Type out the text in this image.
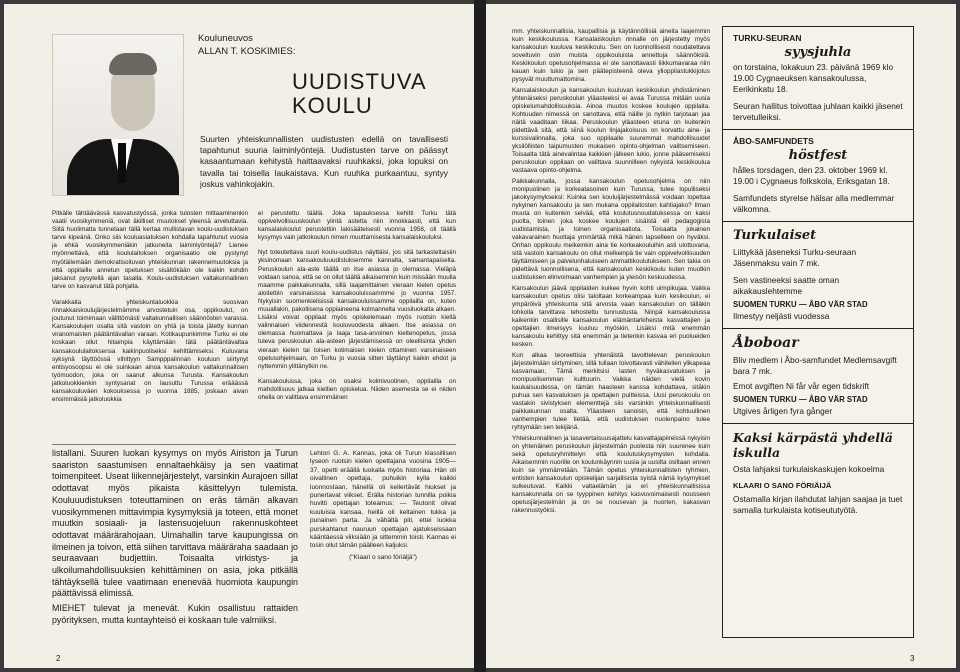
Kouluneuvos
ALLAN T. KOSKIMIES:
UUDISTUVA
KOULU
Suurten yhteiskunnallisten uudistusten edellä on tavallisesti tapahtunut suuria laiminlyöntejä. Uudistusten tarve on päässyt kasaantumaan kehitystä haittaavaksi ruuhkaksi, joka lopuksi on tavalla tai toisella laukaistava. Kun ruuhka purkaantuu, syntyy joskus vahinkojakin.
Pitkälle tähtäävässä kasvatustyössä, jonka tulosten mittaaminenkin vaatii vuosikymmeniä, ovat äkilliset muutokset yleensä arveluttavia. Siitä huolimatta tunnetaan tällä kertaa mullistavan koulu-uudistuksen tarve kipeänä. Onko siis kouluasiatuksen kohdalla tapahtunut vuosia ja ehkä vuosikymmeniäkin jatkuneita laiminlyöntejä? Lienee myönnettävä, että koululaitoksen organisaatio ole pystynyt myötäilemään demokratisoituvan yhteiskunnan rakennemuutoksia ja että oppilaille annetun opetuksen sisältökään ole kaikin kohdin jaksanut pysytellä ajan tasalla. Koulu-uudistuksen valtakunnallinen tarve on kasvanut tätä pohjalta.
Varakkaita yhteiskuntaluokkia suosivan rinnakkaiskoulujärjestelmämme arvostetuin osa, oppikoulut, on joutunut toimimaan välittömästi valtakunnallisen säännösten varassa. Kansakoulujen osalta sitä vastoin on yhtä ja toista jätetty kunnan viranomaisten päätäntävallan varaan. Kotikaupunkimme Turku ei ole koskaan ollut hitaimpia käyttämään tätä päätäntävaltaa kansakoululaitoksensa kaikinpuoliseksi kehittämiseksi. Kuluvana syksynä täyttöössä vihittyyn Sampppalinnan kouluun siirtynyt entisyosoopsu ei ole suinkaan ainoa kansakoulun valtakunnallisen työmuodon, joka on saanut alkunsa Turusta. Kansakoulun jatkoluokkienkin syntysanat on lausuttu Turussa erääässä kansakouluväen kokouksessa jo vuonna 1885, joskaan aivan ensimmäisiä jatkoluokkia
ei perustettu täällä. Joka tapauksessa kehitti Turku tätä oppivelvollisuuskoulun ylintä astetta niin innokkaasti, että kun kansalaiskoulut perustettiin lakisääteisesti vuonna 1958, oli täällä kysymys vain jatkokoulun nimen muuttamisesta kansalaiskouluksi.
Nyt toteutettava suuri koulu-uudistus näyttäisi, jos sitä tarkasteltaisiin yksinomaan kansakouluuudistuksemme kannalta, samantapaiselta. Peruskoulun ala-aste täällä on itse asiassa jo olemassa. Vieläpä voidaan sanoa, että se on ollut täällä aikaisemmin kuin missään muulla maamme paikkakunnalla, sillä laajamittainen vieraan kielen opetus aloitettiin varsinaisissa kansakouluissammme jo vuonna 1957. Nykyisin suomenkielisissä kansakouluissamme oppilailla on, kuten muuallakin, pakollisena oppiaineena kolmannelta vuosiluokalta alkaen. Lisäksi voivat oppilaat myös opiskelemaan myös ruotsin kieltä valinnaisen viidennestä kouluvuodesta alkaen. Itse asiassa on olemassa huomattava ja laaja tasa-arvoinen kieltenopetus, jossa tuleva peruskoulun ala-asteen järjestämisessä on oleellisinta yhden vieraan kielen tai toisen kotimaisen kielen ottaminen varsinaiseen opetusohjelmaan, on Turku jo vuosia sitten täyttänyt kaikin ehdot ja nyttemmin ylittänytkin ne.
Kansakoulussa, joka on osaksi kolmivuotinen, oppilailla on mahdollisuus jatkaa kieltien opiskelua. Niiden asemesta se ei niiden ohella on valittava ensimmäinen
listallani. Suuren luokan kysymys on myös Airiston ja Turun saariston saastumisen ennaltaehkäisy ja sen vaatimat toimenpiteet. Useat liikennejärjestelyt, varsinkin Aurajoen sillat odottavat myös pikaista käsittelyyn tulemista. Kouluuudistuksen toteuttaminen on eräs tämän alkavan vuosikymmenen mittavimpia kysymyksiä ja toteen, että monet muutkin sosiaali- ja lastensuojeluun rakennuskohteet odottavat määrärahojaan. Uimahallin tarve kaupungissa on ilmeinen ja toivon, että siihen tarvittava määräraha saadaan jo seuraavaan budjettiin. Toisaalta virkistys- ja ulkoilumahdollisuuksien kehittäminen on asia, joka pitkällä tähtäyksellä tulee vaatimaan enenevää huomiota kaupungin päättävissä elimissä.
MIEHET tulevat ja menevät. Kukin osallistuu rattaiden pyörityksen, mutta kuntayhteisö ei koskaan tule valmiiksi.
Lehtori G. A. Kannas, joka oli Turun klassillisen lyseon ruotsin kielen opettajana vuosina 1905—37, opetti eräällä luokalla myös historiaa. Hän oli oivallinen opettaja, puhuikin kylla kaikki luonnostaan, hänellä oli kellertävät hiukset ja punertavat viikset. Erälla historian tunnilla poikia huvitti opettajan toteamus: — Teutonit olivat kuuluisia kansaa, heillä oli keltainen tukka ja punainen parta. Ja vähältä piti, ettei luokka purskahtanut nauruun opettajan ajatukseissaan kääntäessä viiksiään ja sittemmin toisti. Kannas ei tosin ollut tämän päälleen kaljuksi.
("Klaari o sano föriäljä")
2
mm. yhteiskunnallisia, kaupallisia ja käytännöllisiä aineita laajemmin kuin keskikoulussa. Kansalaiskoulun rinnalle on järjestetty myös kansakoulun kuuluva keskikoulu. Sen on luonnollisesti noudatettava soveltuvin osin muista oppikouluista annettuja säännöksiä. Keskikoulun opetusohjelmassa ei ole sanottavasti liikkumavaraa niin kauan kuin lukio ja sen päätepisteenä oleva ylioppilastukkijotus pysyvät muuttumattomina.
Kansalaiskoulun ja kansakoulun kuuluvan keskikoulun yhdistäminen yhtenäiseksi peruskoulun yläasteeksi ei avaa Turussa mitään uusia opiskelumahdollisuuksia. Ainoa muutos koskee koulujen oppilaita. Kohtuuden nimessä on sanottava, että näille jo nytkin tarjotaan jaa näitä vaaditaan liikaa. Peruskoulun yläasteen etuna on kuitenkin pidettävä sitä, että siinä koulun linjajakoisuus on korvattu aine- ja kurssivalinnalla, joka suo oppilaalle suuremmat mahdollisuudet yksilöllisten taipumusten mukaisen opinto-ohjelman valitsemiseen. Toisaalta tätä ainevalintaa kaikkien jälkeen lukio, jonne pääsemiseksi peruskoulun oppilaan on valittava suunnilleen nykyistä keskikoulua vastaava opinto-ohjelma.
Paikkakunnalla, jossa kansakoulun opetusohjelma on niin monipuolinen ja korkeatasoinen kuin Turussa, tulee lopulliseksi jakokysymykseksi: Kuinka sen kouluijärjestelmässä voidaan lopettaa nykyinen kansakoulu ja sen mukana oppilaitosten kahtiajako? Ilman muuta on kuitenkin selvää, että koulutusnoudatuksessa on kaksi puolta, toinen joka koskee koulujen sisäistä eli pedagogista uudistamista, ja toinen organisaatiota. Toisaalta jokainen vakavarainen huoltaja ymmärtää mikä hänen lapselleen on hyväksi. Onhan oppikoulu meikeinkin aina tie korkeakouluihin asti ulottuvana, sitä vastoin kansakoulu on ollut melkeinpä tie vain oppivelvollisuuden täyttämiseen ja palvelunhaluiseen ammattikoulutukseen. Sen takia on pidettävä luonnollisena, että kansakoulun keskikoulu kuten muutkin uudistuksen elinvoimaan vanhempien ja yleisön keskuudessa.
Kansakoulun jäävä oppilaiden kuikee hyvin kohti uimpikujaa. Vaikka kansakoulun opetus olisi taloltaan korkeampaa kuin kesikoulun, ei ympäröivä yhteiskunta sitä arvosta vaan kansakoulun on tälläkin lohkolla tarvittava tehostettu tunnustusta. Niinpä kansakoulussa kaikenkin osallisille kansakoulun elämäntarkiheista kasvattajien ja opettajien ilmeisyys kuuluu myöskin. Lisäksi mitä enemmän kansakoulu kehittyy sitä enemmän ja tietenkin kasvaa eri puolueiden kesken.
Kun alkaa teoreettisia yhtenäistä tavoittelevan peruskoulun järjestelmään siirtyminen, sillä tullaan toivottavasti vähitellen ylikapeaa kasvamaan, Tämä merkitsisi lasten hyväkasvatuksen ja monipuolisemman kulttuurin. Vaikka näiden vielä kovin kaukaisuudessa, on tämän haasteen kanssa kohdattava, sitäkin puhua sen kasvatuksen ja opettajien puitteissa. Uusi peruskoulu on vastakin sivistyksen elementtejä siis varsinkin yhteiskunnallisesti paikkakunnan osalta. Yläasteen sanoisin, että kohtuullinen vanhempien tulee tietää, että uudistuksen nuolenpaino tulee ryhtymään sen tekijänä.
Yhteiskunnallinen ja tasavertaisuusajattelu kasvattajapiireissä nykyisin on yhtenäinen peruskoulun järjestelmän puolesta niin suurenee kuin sekä opetusryhmittelyn että koulutuskysymysten kohdalla. Aikaisemmin nuorille on koulunkäynnin uusia ja uusilta osiltaan ennen kuin se ymmärretään. Tämän opetus yhteiskunnallisten ryhmien, entisten kansakoulun opiskelijan sarjallisista syistä nämä kysymykset sulkeutuvat. Kaikki valtaelämän ja eri yhteiskunnallisissa kansakunnalla on se tyyppinen kehitys kasvuvoimaisesti nousseen opetusjärjestelmän ja on se nousevan ja nuorten, kakasvan rakennustyöksi.
TURKU-SEURAN
syysjuhla
on torstaina, lokakuun 23. päivänä 1969 klo 19.00 Cygnaeuksen kansakoulussa, Eerikinkatu 18.
Seuran hallitus toivottaa juhlaan kaikki jäsenet tervetulleiksi.
ÅBO-SAMFUNDETS
höstfest
hålles torsdagen, den 23. oktober 1969 kl. 19.00 i Cygnaeus folkskola, Eriksgatan 18.
Samfundets styrelse hälsar alla medlemmar välkomna.
Turkulaiset
Liittykää jäseneksi Turku-seuraan Jäsenmaksu vain 7 mk.
Sen vastineeksi saatte oman aikakauslehtemme
SUOMEN TURKU — ÅBO VÄR STAD
Ilmestyy neljästi vuodessa
Åboboar
Bliv medlem i Åbo-samfundet Medlemsavgift bara 7 mk.
Emot avgiften Ni får vår egen tidskrift
SUOMEN TURKU — ÅBO VÄR STAD
Utgives årligen fyra gånger
Kaksi kärpästä yhdellä iskulla
Osta lahjaksi turkulaiskaskujen kokoelma
KLAARI O SANO FÖRIÄIJÄ
Ostamalla kirjan ilahdutat lahjan saajaa ja tuet samalla turkulaista kotiseututyötä.
3
